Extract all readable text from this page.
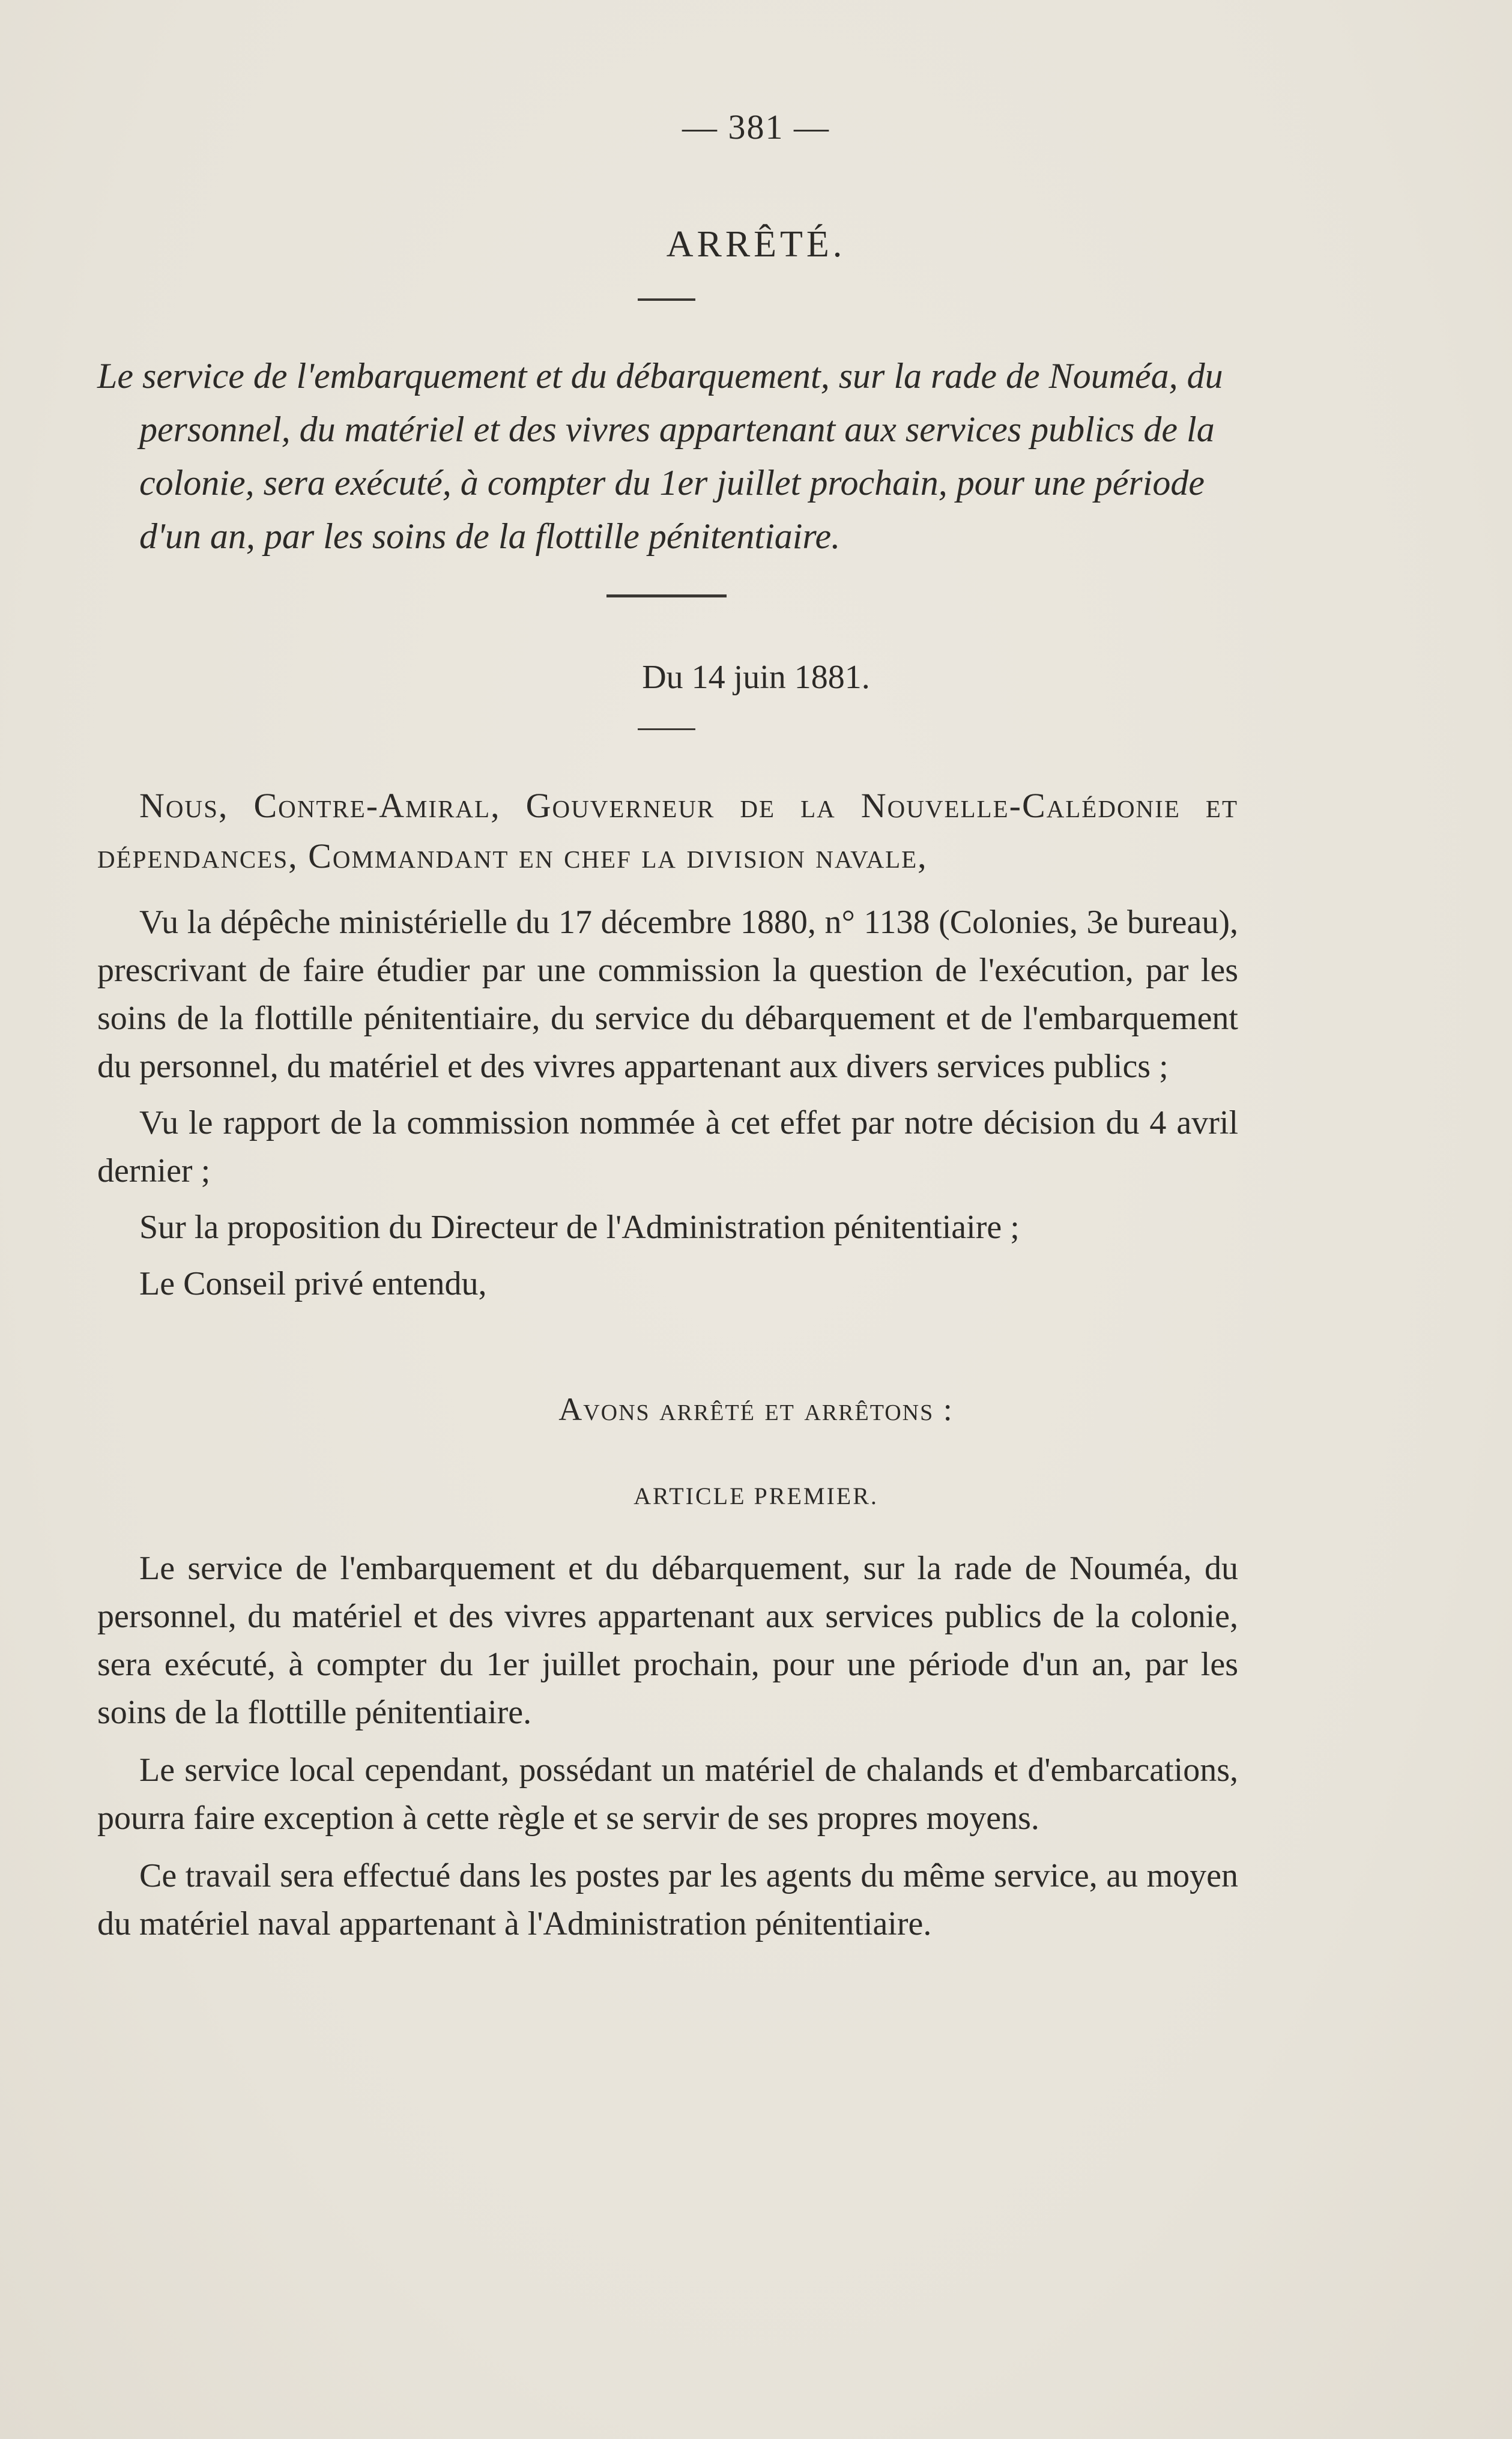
— 381 —
ARRÊTÉ.

Le service de l'embarquement et du débarquement, sur la rade de Nouméa, du personnel, du matériel et des vivres appartenant aux services publics de la colonie, sera exécuté, à compter du 1er juillet prochain, pour une période d'un an, par les soins de la flottille pénitentiaire.

Du 14 juin 1881.

Nous, Contre-Amiral, Gouverneur de la Nouvelle-Calédonie et dépendances, Commandant en chef la division navale,

Vu la dépêche ministérielle du 17 décembre 1880, n° 1138 (Colonies, 3e bureau), prescrivant de faire étudier par une commission la question de l'exécution, par les soins de la flottille pénitentiaire, du service du débarquement et de l'embarquement du personnel, du matériel et des vivres appartenant aux divers services publics ;

Vu le rapport de la commission nommée à cet effet par notre décision du 4 avril dernier ;

Sur la proposition du Directeur de l'Administration pénitentiaire ;

Le Conseil privé entendu,

Avons arrêté et arrêtons :
ARTICLE PREMIER.

Le service de l'embarquement et du débarquement, sur la rade de Nouméa, du personnel, du matériel et des vivres appartenant aux services publics de la colonie, sera exécuté, à compter du 1er juillet prochain, pour une période d'un an, par les soins de la flottille pénitentiaire.

Le service local cependant, possédant un matériel de chalands et d'embarcations, pourra faire exception à cette règle et se servir de ses propres moyens.

Ce travail sera effectué dans les postes par les agents du même service, au moyen du matériel naval appartenant à l'Administration pénitentiaire.
